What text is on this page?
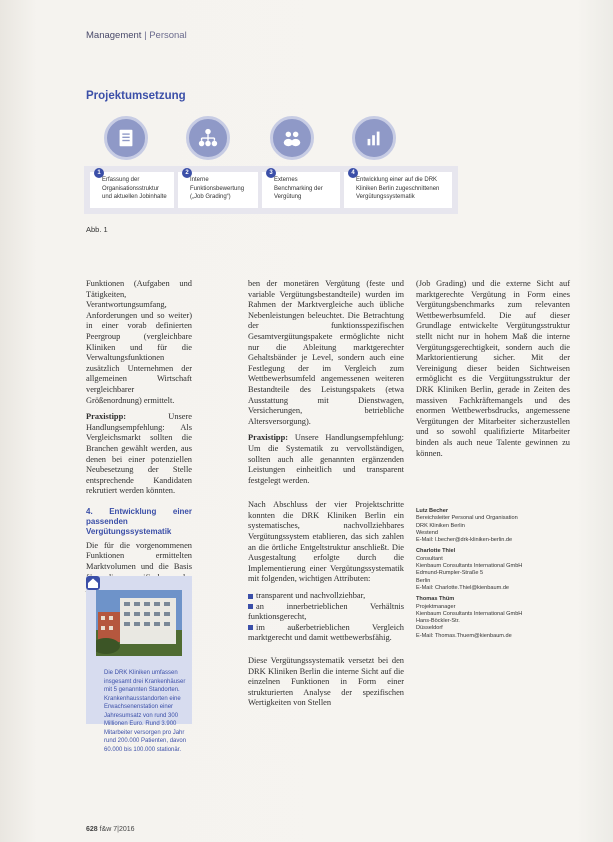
Management | Personal
Projektumsetzung
1
Erfassung der Organisationsstruktur und aktuellen Jobinhalte
2
Interne Funktionsbewertung („Job Grading“)
3
Externes Benchmarking der Vergütung
4
Entwicklung einer auf die DRK Kliniken Berlin zugeschnittenen Vergütungssystematik
Abb. 1

Funktionen (Aufgaben und Tätigkeiten, Verantwortungsumfang, Anforderungen und so weiter) in einer vorab definierten Peergroup (vergleichbare Kliniken und für die Verwaltungsfunktionen zusätzlich Unternehmen der allgemeinen Wirtschaft vergleichbarer Größenordnung) ermittelt.

Praxistipp:	Unsere Handlungsempfehlung: Als Vergleichsmarkt sollten die Branchen gewählt werden, aus denen bei einer potenziellen Neubesetzung der Stelle entsprechende Kandidaten rekrutiert werden könnten.

4. Entwicklung einer passenden Vergütungssystematik

Die für die vorgenommenen Funktionen ermittelten Marktvolumen und die Basis

Die DRK Kliniken umfassen insgesamt drei Krankenhäuser mit 5 genannten Standorten. Krankenhausstandorten eine Erwachsenenstation einer Jahresumsatz von rund 300 Millionen Euro. Rund 3.900 Mitarbeiter versorgen pro Jahr rund 200.000 Patienten, davon 60.000 bis 100.000 stationär.

ben der monetären Vergütung (feste und variable Vergütungsbestandteile) wurden im Rahmen der Marktvergleiche auch übliche Nebenleistungen beleuchtet. Die Betrachtung der funktionsspezifischen Gesamtvergütungspakete ermöglichte nicht nur die Ableitung marktgerechter Gehaltsbänder je Level, sondern auch eine Festlegung der im Vergleich zum Wettbewerbsumfeld angemessenen weiteren Bestandteile des Leistungspakets (etwa Ausstattung mit Dienstwagen, Versicherungen, betriebliche Altersversorgung).

Praxistipp: Unsere Handlungsempfehlung: Um die Systematik zu vervollständigen, sollten auch alle genannten ergänzenden Leistungen einheitlich und transparent festgelegt werden.

Nach Abschluss der vier Projektschritte konnten die DRK Kliniken Berlin ein systematisches, nachvollziehbares Vergütungssystem etablieren, das sich zahlen an die örtliche Entgeltstruktur anschließt. Die Ausgestaltung erfolgte durch die Implementierung einer Vergütungssystematik mit folgenden, wichtigen Attributen:

transparent und nachvollziehbar,
an innerbetrieblichen Verhältnis funktionsgerecht,
im außerbetrieblichen Vergleich marktgerecht und damit wettbewerbsfähig.

Diese Vergütungssystematik versetzt bei den DRK Kliniken Berlin die interne Sicht auf die einzelnen Funktionen in Form einer strukturierten Analyse der spezifischen Wertigkeiten von Stellen

(Job Grading) und die externe Sicht auf marktgerechte Vergütung in Form eines Vergütungsbenchmarks zum relevanten Wettbewerbsumfeld. Die auf dieser Grundlage entwickelte Vergütungsstruktur stellt nicht nur in hohem Maß die interne Vergütungsgerechtigkeit, sondern auch die Marktorientierung sicher. Mit der Vereinigung dieser beiden Sichtweisen ermöglicht es die Vergütungsstruktur der DRK Kliniken Berlin, gerade in Zeiten des massiven Fachkräftemangels und des enormen Wettbewerbsdrucks, angemessene Vergütungen der Mitarbeiter sicherzustellen und so sowohl qualifizierte Mitarbeiter binden als auch neue Talente gewinnen zu können.

Lutz Becher
Bereichsleiter Personal und Organisation
DRK Kliniken Berlin
Westend
E-Mail: l.becher@drk-kliniken-berlin.de
Charlotte Thiel
Consultant
Kienbaum Consultants International GmbH
Edmund-Rumpler-Straße 5
Berlin
E-Mail: Charlotte.Thiel@kienbaum.de
Thomas Thüm
Projektmanager
Kienbaum Consultants International GmbH
Hans-Böckler-Str.
Düsseldorf
E-Mail: Thomas.Thuem@kienbaum.de
628 f&w 7|2016
